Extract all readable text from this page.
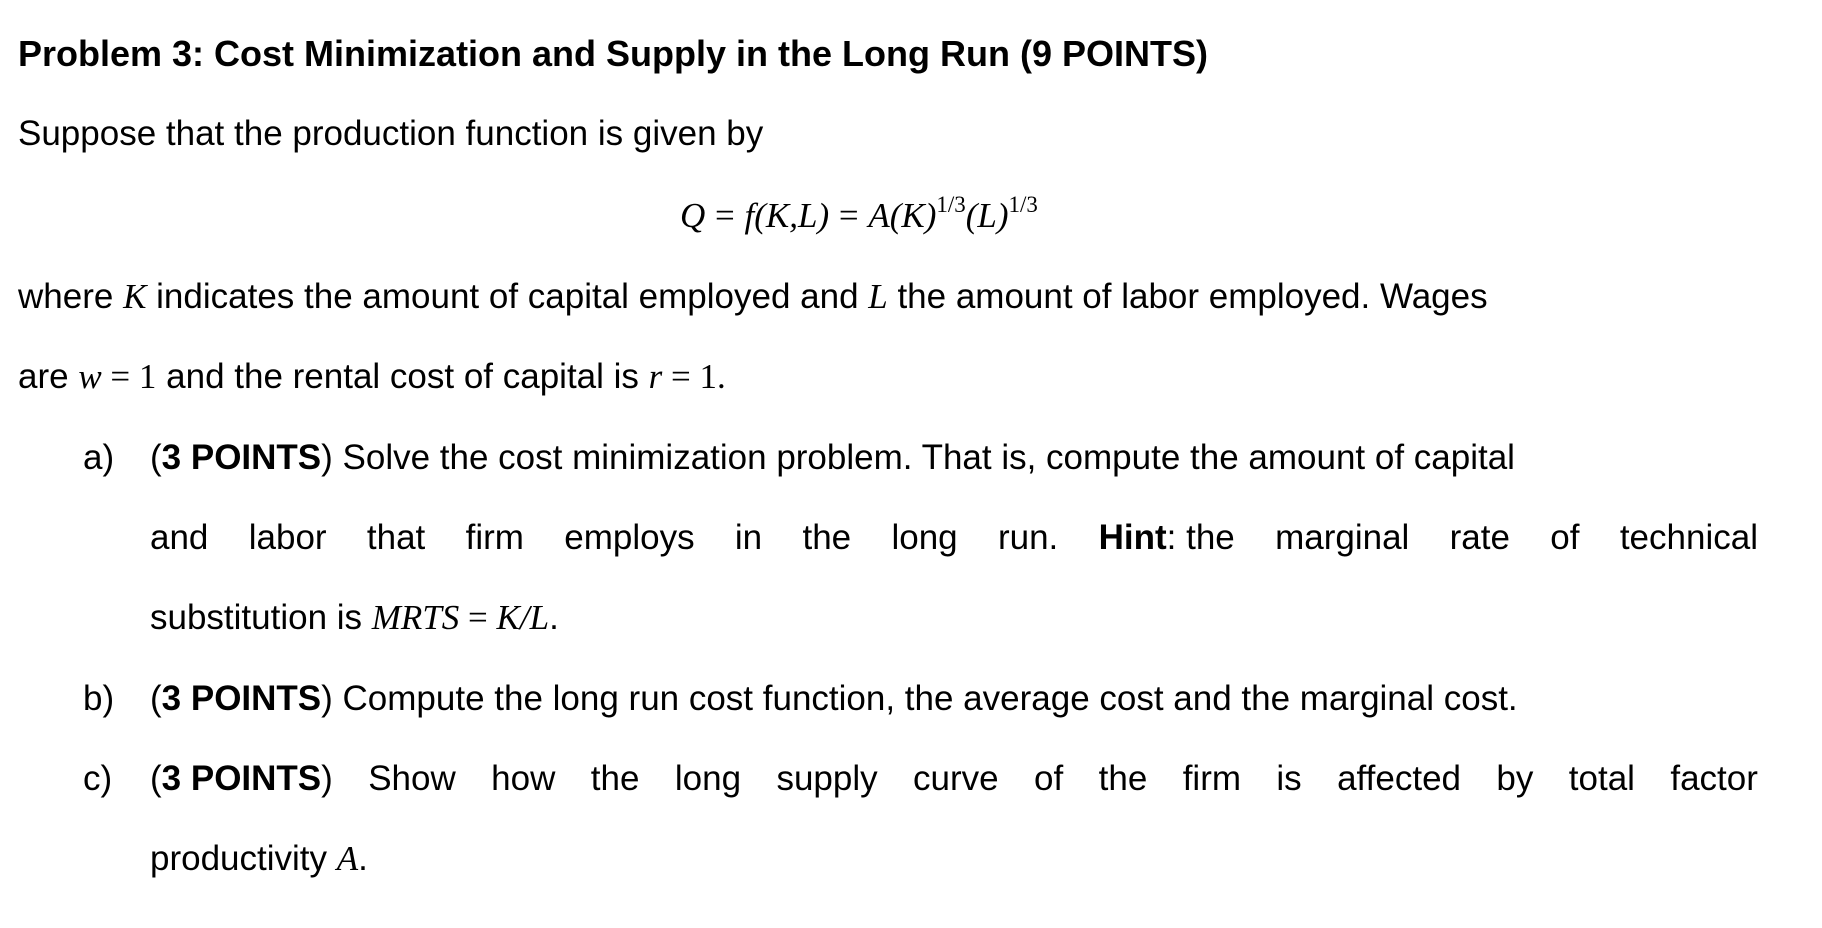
Problem 3: Cost Minimization and Supply in the Long Run (9 POINTS)
Suppose that the production function is given by
$Q = f(K,L) = A(K)^{1/3}(L)^{1/3}$
where K indicates the amount of capital employed and L the amount of labor employed. Wages
are w = 1 and the rental cost of capital is r = 1.
a) (3 POINTS) Solve the cost minimization problem. That is, compute the amount of capital
and labor that firm employs in the long run. Hint: the marginal rate of technical
substitution is MRTS = K/L.
b) (3 POINTS) Compute the long run cost function, the average cost and the marginal cost.
c) (3 POINTS) Show how the long supply curve of the firm is affected by total factor
productivity A.
